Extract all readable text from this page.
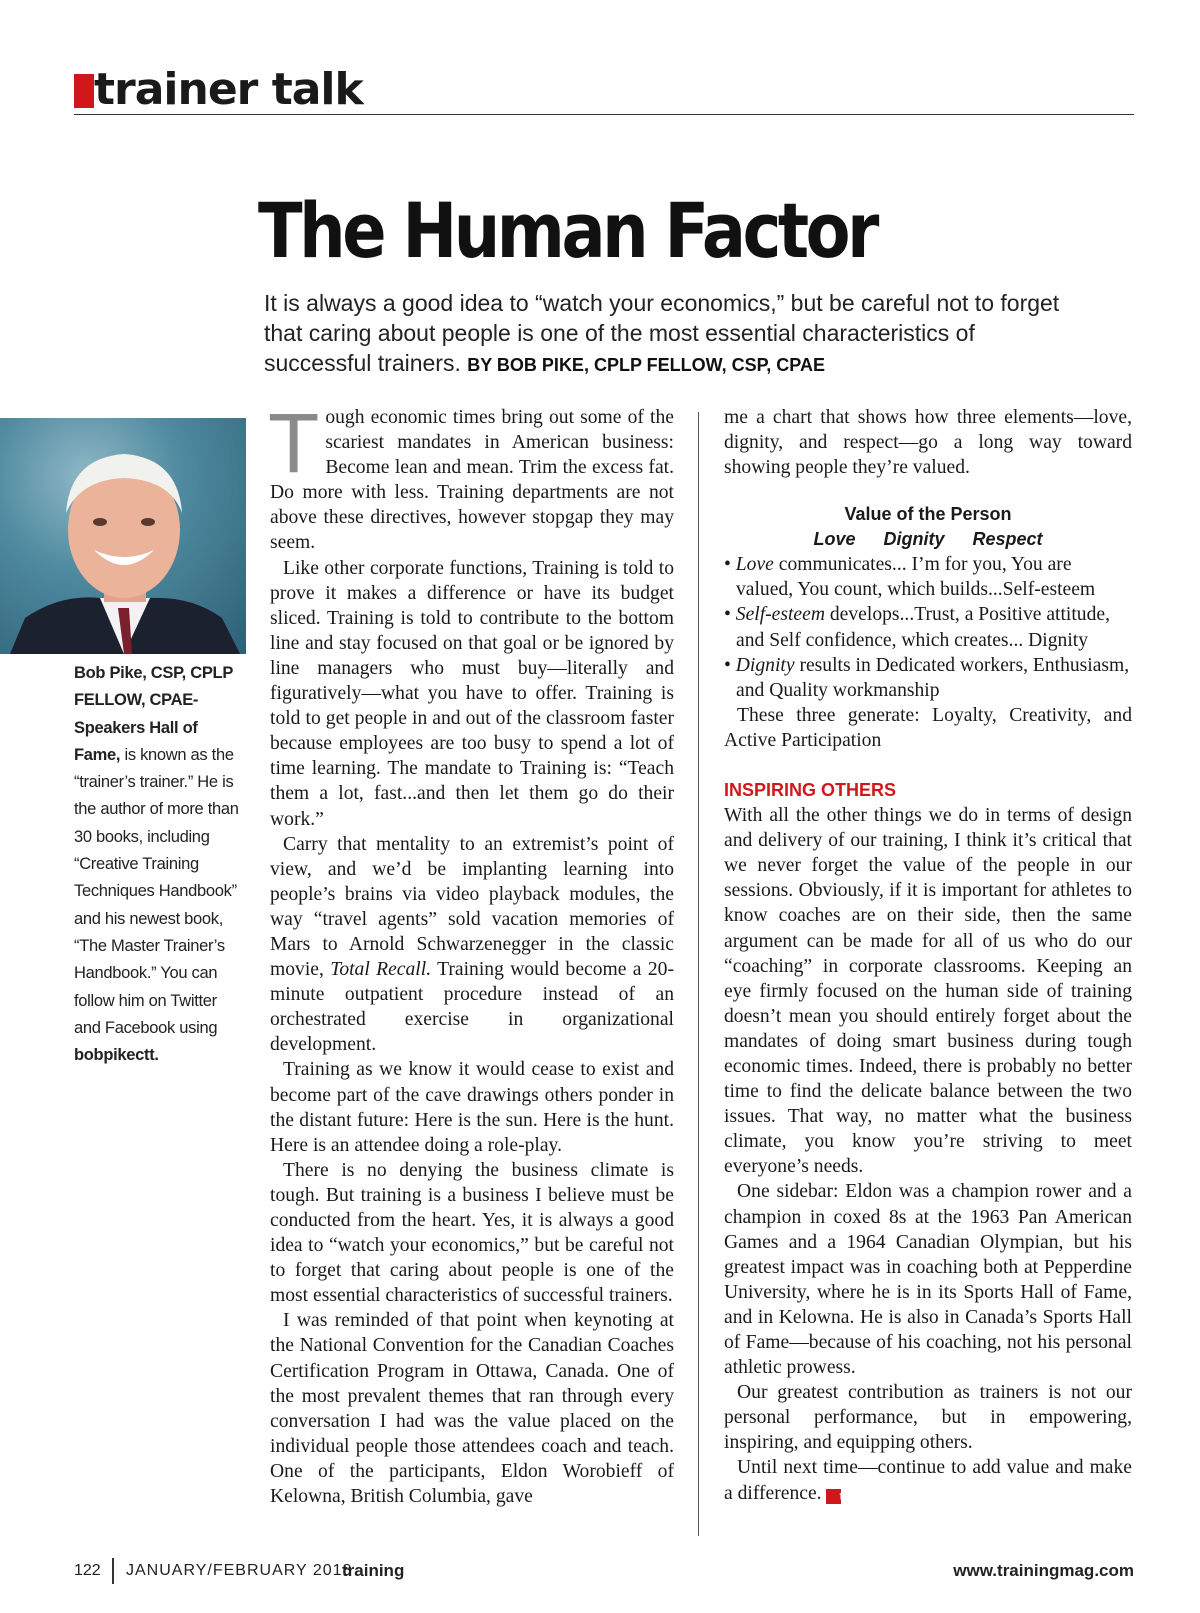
trainer talk
The Human Factor
It is always a good idea to “watch your economics,” but be careful not to forget that caring about people is one of the most essential characteristics of successful trainers. BY BOB PIKE, CPLP FELLOW, CSP, CPAE
Bob Pike, CSP, CPLP FELLOW, CPAE-Speakers Hall of Fame, is known as the “trainer’s trainer.” He is the author of more than 30 books, including “Creative Training Techniques Handbook” and his newest book, “The Master Trainer’s Handbook.” You can follow him on Twitter and Facebook using bobpikectt.

Tough economic times bring out some of the scariest mandates in American business: Become lean and mean. Trim the excess fat. Do more with less. Training departments are not above these directives, however stopgap they may seem.

Like other corporate functions, Training is told to prove it makes a difference or have its budget sliced. Training is told to contribute to the bottom line and stay focused on that goal or be ignored by line managers who must buy—literally and figuratively—what you have to offer. Training is told to get people in and out of the classroom faster because employees are too busy to spend a lot of time learning. The mandate to Training is: “Teach them a lot, fast...and then let them go do their work.”

Carry that mentality to an extremist’s point of view, and we’d be implanting learning into people’s brains via video playback modules, the way “travel agents” sold vacation memories of Mars to Arnold Schwarzenegger in the classic movie, Total Recall. Training would become a 20-minute outpatient procedure instead of an orchestrated exercise in organizational development.

Training as we know it would cease to exist and become part of the cave drawings others ponder in the distant future: Here is the sun. Here is the hunt. Here is an attendee doing a role-play.

There is no denying the business climate is tough. But training is a business I believe must be conducted from the heart. Yes, it is always a good idea to “watch your economics,” but be careful not to forget that caring about people is one of the most essential characteristics of successful trainers.

I was reminded of that point when keynoting at the National Convention for the Canadian Coaches Certification Program in Ottawa, Canada. One of the most prevalent themes that ran through every conversation I had was the value placed on the individual people those attendees coach and teach. One of the participants, Eldon Worobieff of Kelowna, British Columbia, gave

me a chart that shows how three elements—love, dignity, and respect—go a long way toward showing people they’re valued.

Value of the Person
Love Dignity Respect
• Love communicates... I’m for you, You are valued, You count, which builds...Self-esteem
• Self-esteem develops...Trust, a Positive attitude, and Self confidence, which creates... Dignity
• Dignity results in Dedicated workers, Enthusiasm, and Quality workmanship

These three generate: Loyalty, Creativity, and Active Participation

INSPIRING OTHERS

With all the other things we do in terms of design and delivery of our training, I think it’s critical that we never forget the value of the people in our sessions. Obviously, if it is important for athletes to know coaches are on their side, then the same argument can be made for all of us who do our “coaching” in corporate classrooms. Keeping an eye firmly focused on the human side of training doesn’t mean you should entirely forget about the mandates of doing smart business during tough economic times. Indeed, there is probably no better time to find the delicate balance between the two issues. That way, no matter what the business climate, you know you’re striving to meet everyone’s needs.

One sidebar: Eldon was a champion rower and a champion in coxed 8s at the 1963 Pan American Games and a 1964 Canadian Olympian, but his greatest impact was in coaching both at Pepperdine University, where he is in its Sports Hall of Fame, and in Kelowna. He is also in Canada’s Sports Hall of Fame—because of his coaching, not his personal athletic prowess.

Our greatest contribution as trainers is not our personal performance, but in empowering, inspiring, and equipping others.

Until next time—continue to add value and make a difference. t

122 JANUARY/FEBRUARY 2018
training	www.trainingmag.com
